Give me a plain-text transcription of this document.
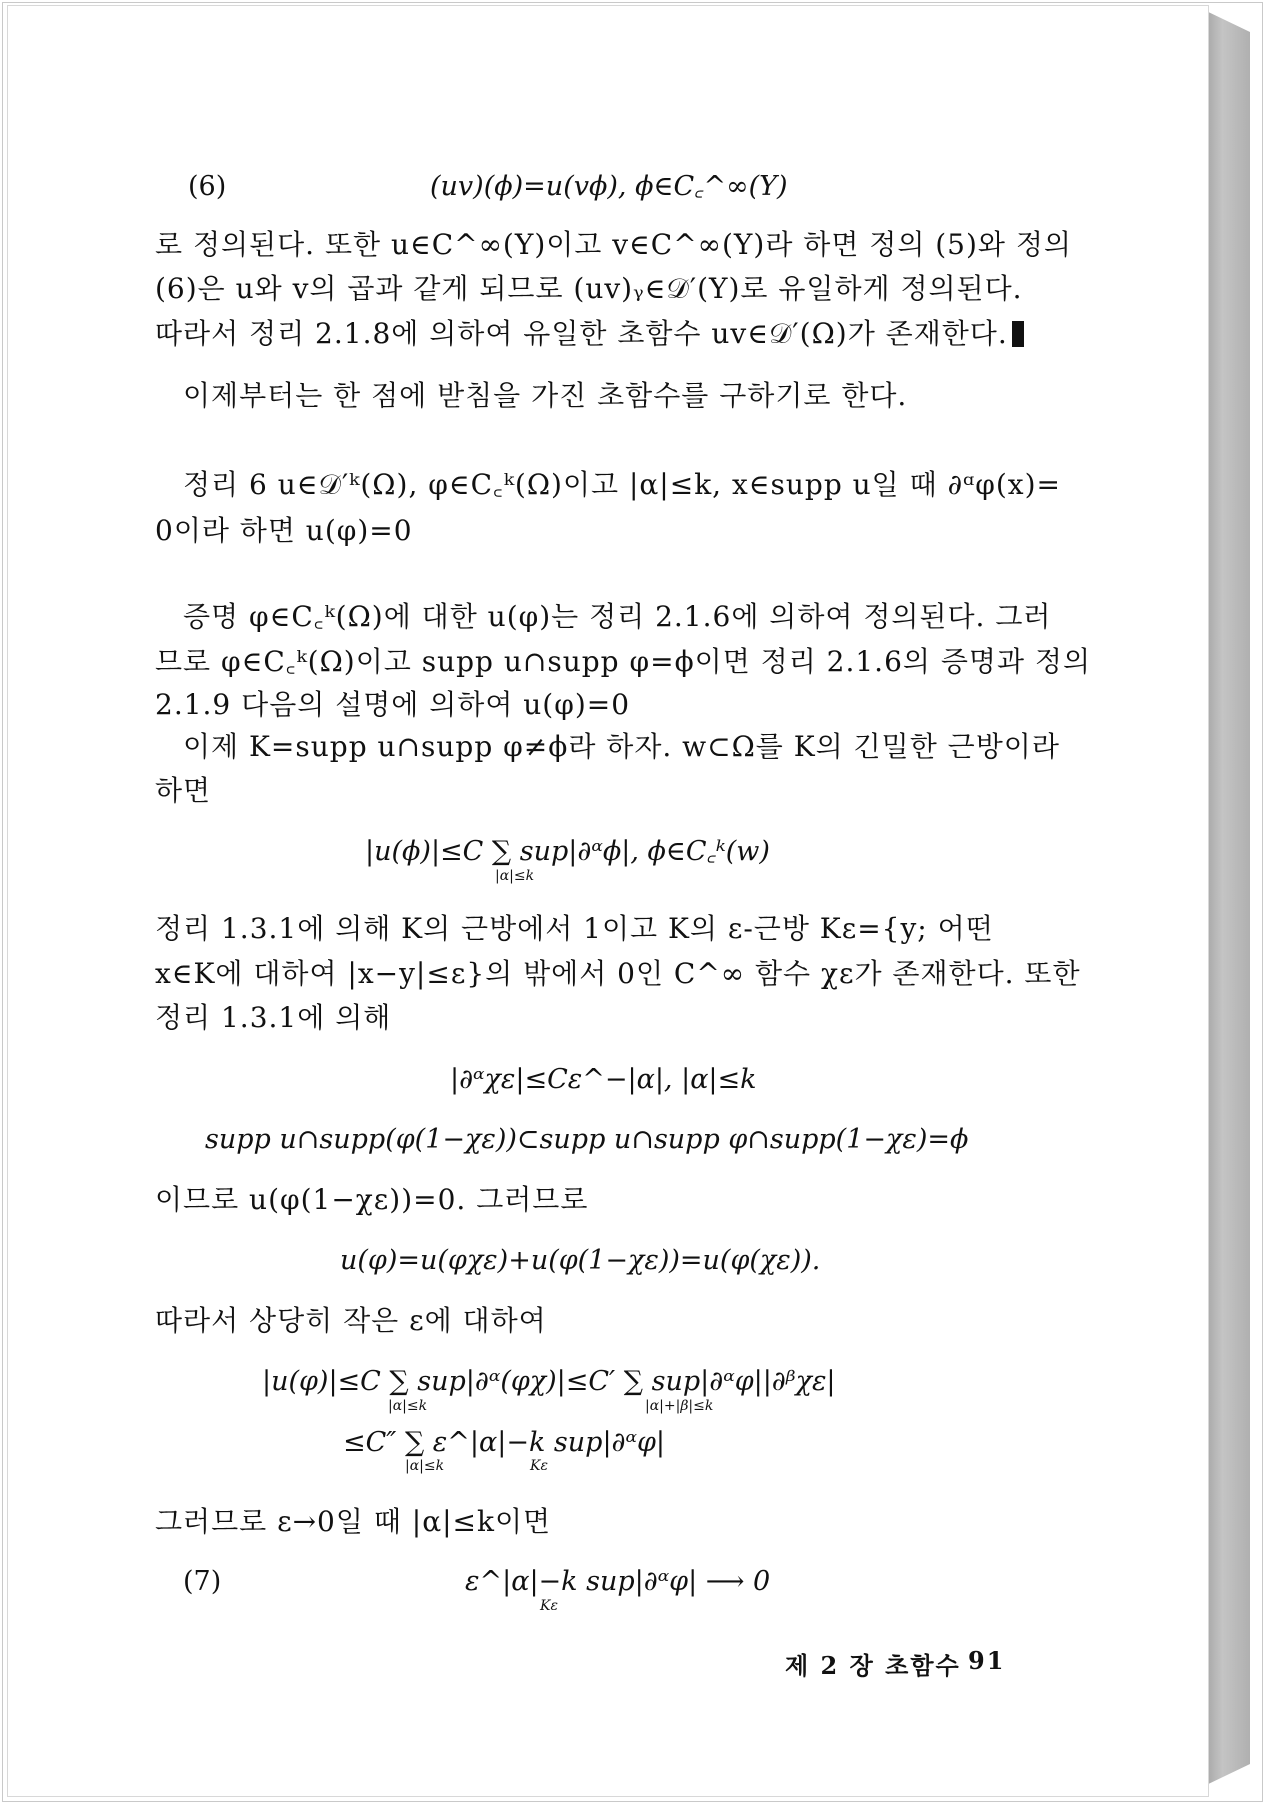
(6)	(uv)(ϕ)=u(vϕ), ϕ∈C꜀^∞(Y)
로 정의된다. 또한 u∈C^∞(Y)이고 v∈C^∞(Y)라 하면 정의 (5)와 정의
(6)은 u와 v의 곱과 같게 되므로 (uv)ᵧ∈𝒟′(Y)로 유일하게 정의된다.
따라서 정리 2.1.8에 의하여 유일한 초함수 uv∈𝒟′(Ω)가 존재한다.
이제부터는 한 점에 받침을 가진 초함수를 구하기로 한다.
정리 6 u∈𝒟′ᵏ(Ω), φ∈C꜀ᵏ(Ω)이고 |α|≤k, x∈supp u일 때 ∂ᵅφ(x)=
0이라 하면 u(φ)=0
증명 φ∈C꜀ᵏ(Ω)에 대한 u(φ)는 정리 2.1.6에 의하여 정의된다. 그러
므로 φ∈C꜀ᵏ(Ω)이고 supp u∩supp φ=ϕ이면 정리 2.1.6의 증명과 정의
2.1.9 다음의 설명에 의하여 u(φ)=0
이제 K=supp u∩supp φ≠ϕ라 하자. w⊂Ω를 K의 긴밀한 근방이라
하면
|u(ϕ)|≤C ∑ sup|∂ᵅϕ|, ϕ∈C꜀ᵏ(w)
|α|≤k
정리 1.3.1에 의해 K의 근방에서 1이고 K의 ε-근방 Kε={y; 어떤
x∈K에 대하여 |x−y|≤ε}의 밖에서 0인 C^∞ 함수 χε가 존재한다. 또한
정리 1.3.1에 의해
|∂ᵅχε|≤Cε^−|α|, |α|≤k
supp u∩supp(φ(1−χε))⊂supp u∩supp φ∩supp(1−χε)=ϕ
이므로 u(φ(1−χε))=0. 그러므로
u(φ)=u(φχε)+u(φ(1−χε))=u(φ(χε)).
따라서 상당히 작은 ε에 대하여
|u(φ)|≤C ∑ sup|∂ᵅ(φχ)|≤C′ ∑ sup|∂ᵅφ||∂ᵝχε|
|α|≤k	|α|+|β|≤k
≤C″ ∑ ε^|α|−k sup|∂ᵅφ|
|α|≤k	Kε
그러므로 ε→0일 때 |α|≤k이면
(7)	ε^|α|−k sup|∂ᵅφ| ⟶ 0
Kε
제 2 장 초함수 91
